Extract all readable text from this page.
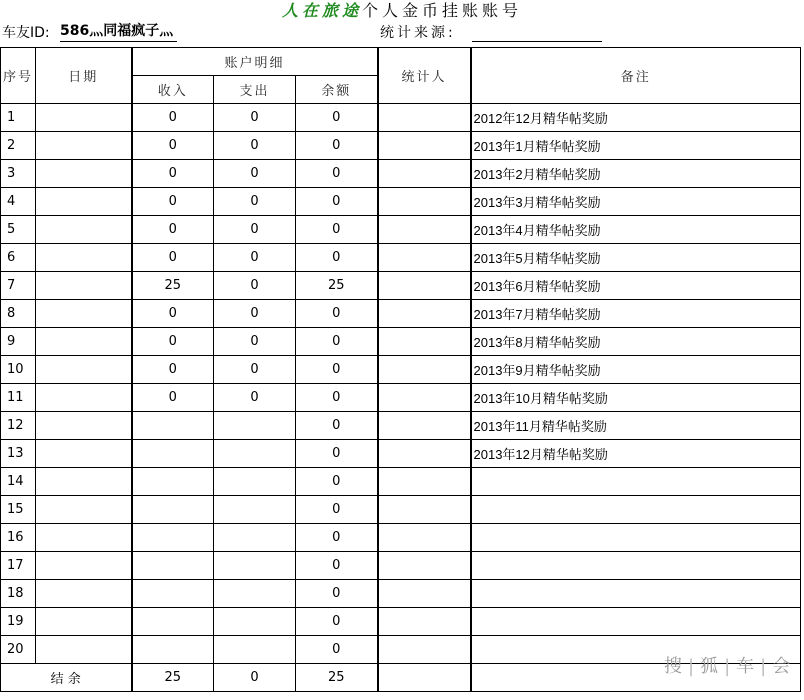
人在旅途个人金币挂账账号
车友ID: 586灬同福疯子灬	统计来源:
序号	日期	账户明细			统计人	备注
		收入	支出	余额		
1		0	0	0		2012年12月精华帖奖励
2		0	0	0		2013年1月精华帖奖励
3		0	0	0		2013年2月精华帖奖励
4		0	0	0		2013年3月精华帖奖励
5		0	0	0		2013年4月精华帖奖励
6		0	0	0		2013年5月精华帖奖励
7		25	0	25		2013年6月精华帖奖励
8		0	0	0		2013年7月精华帖奖励
9		0	0	0		2013年8月精华帖奖励
10		0	0	0		2013年9月精华帖奖励
11		0	0	0		2013年10月精华帖奖励
12				0		2013年11月精华帖奖励
13				0		2013年12月精华帖奖励
14				0		
15				0		
16				0		
17				0		
18				0		
19				0		
20				0		
结 余		25	0	25		
搜 | 狐 | 车 | 会
